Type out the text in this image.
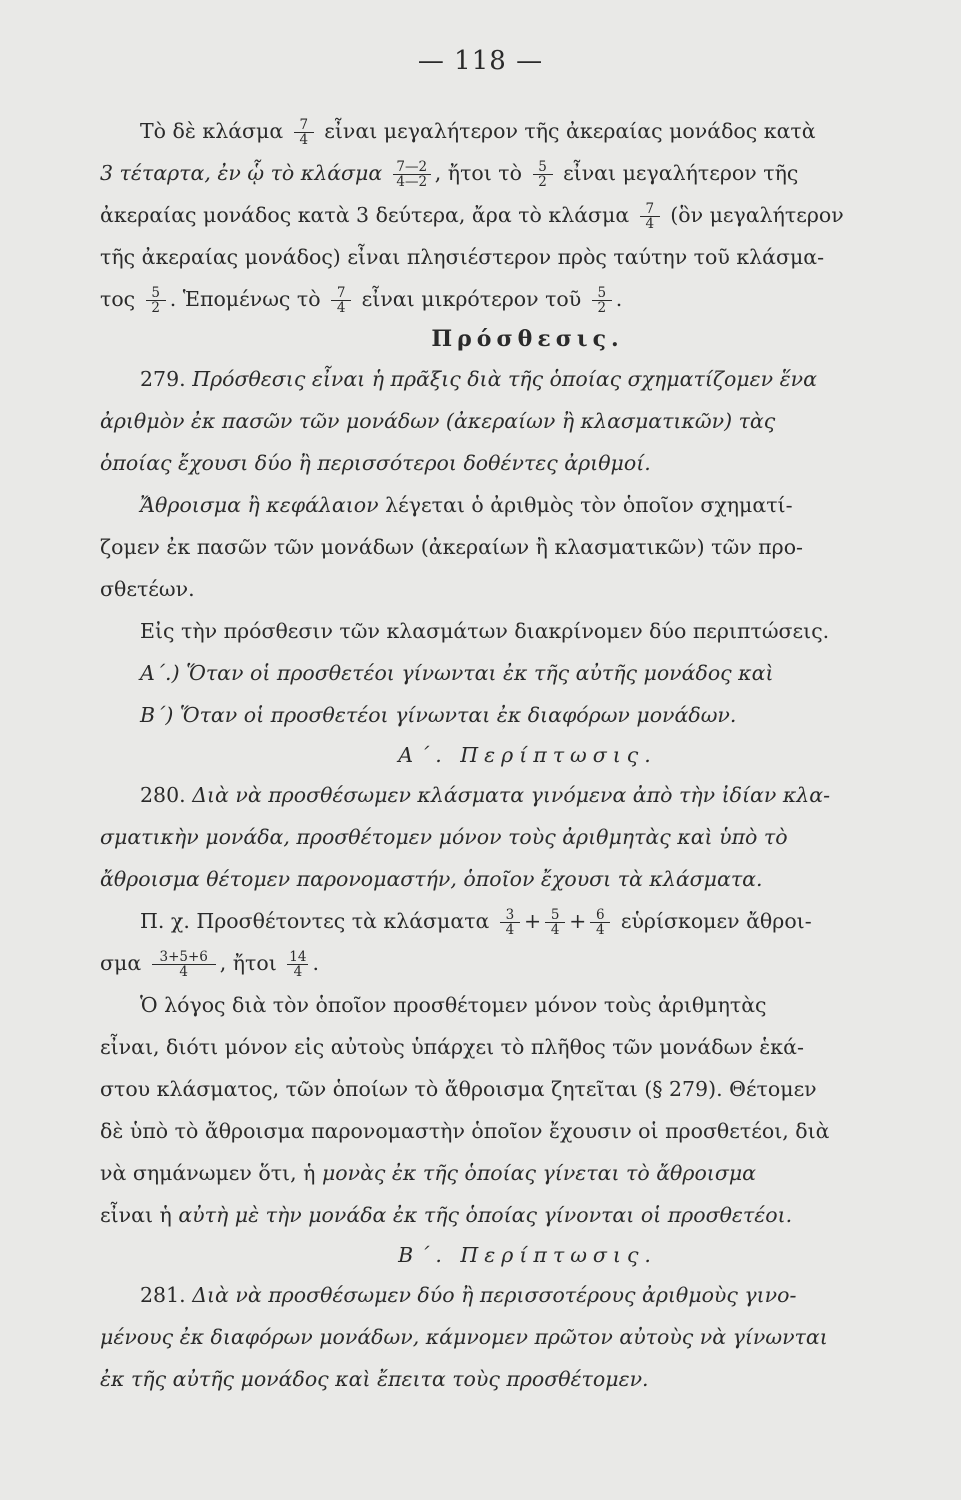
— 118 —
Τὸ δὲ κλάσμα $\frac{7}{4}$ εἶναι μεγαλήτερον τῆς ἀκεραίας μονάδος κατὰ
3 τέταρτα, ἐν ᾧ τὸ κλάσμα $\frac{7—2}{4—2}$ , ἤτοι τὸ $\frac{5}{2}$ εἶναι μεγαλήτερον τῆς
ἀκεραίας μονάδος κατὰ 3 δεύτερα, ἄρα τὸ κλάσμα $\frac{7}{4}$ (ὃν μεγαλήτερον
τῆς ἀκεραίας μονάδος) εἶναι πλησιέστερον πρὸς ταύτην τοῦ κλάσμα-
τος $\frac{5}{2}$ . Ἑπομένως τὸ $\frac{7}{4}$ εἶναι μικρότερον τοῦ $\frac{5}{2}$ .
Πρόσθεσις.
279. Πρόσθεσις εἶναι ἡ πρᾶξις διὰ τῆς ὁποίας σχηματίζομεν ἕνα
ἀριθμὸν ἐκ πασῶν τῶν μονάδων (ἀκεραίων ἢ κλασματικῶν) τὰς
ὁποίας ἔχουσι δύο ἢ περισσότεροι δοθέντες ἀριθμοί.
Ἄθροισμα ἢ κεφάλαιον λέγεται ὁ ἀριθμὸς τὸν ὁποῖον σχηματί-
ζομεν ἐκ πασῶν τῶν μονάδων (ἀκεραίων ἢ κλασματικῶν) τῶν προ-
σθετέων.
Εἰς τὴν πρόσθεσιν τῶν κλασμάτων διακρίνομεν δύο περιπτώσεις.
Α΄.) Ὅταν οἱ προσθετέοι γίνωνται ἐκ τῆς αὐτῆς μονάδος καὶ
Β΄) Ὅταν οἱ προσθετέοι γίνωνται ἐκ διαφόρων μονάδων.
Α΄. Περίπτωσις.
280. Διὰ νὰ προσθέσωμεν κλάσματα γινόμενα ἀπὸ τὴν ἰδίαν κλα-
σματικὴν μονάδα, προσθέτομεν μόνον τοὺς ἀριθμητὰς καὶ ὑπὸ τὸ
ἄθροισμα θέτομεν παρονομαστήν, ὁποῖον ἔχουσι τὰ κλάσματα.
Π. χ. Προσθέτοντες τὰ κλάσματα $\frac{3}{4} + \frac{5}{4} + \frac{6}{4}$ εὑρίσκομεν ἄθροι-
σμα $\frac{3+5+6}{4}$ , ἤτοι $\frac{14}{4}$ .
Ὁ λόγος διὰ τὸν ὁποῖον προσθέτομεν μόνον τοὺς ἀριθμητὰς
εἶναι, διότι μόνον εἰς αὐτοὺς ὑπάρχει τὸ πλῆθος τῶν μονάδων ἑκά-
στου κλάσματος, τῶν ὁποίων τὸ ἄθροισμα ζητεῖται (§ 279). Θέτομεν
δὲ ὑπὸ τὸ ἄθροισμα παρονομαστὴν ὁποῖον ἔχουσιν οἱ προσθετέοι, διὰ
νὰ σημάνωμεν ὅτι, ἡ μονὰς ἐκ τῆς ὁποίας γίνεται τὸ ἄθροισμα
εἶναι ἡ αὐτὴ μὲ τὴν μονάδα ἐκ τῆς ὁποίας γίνονται οἱ προσθετέοι.
Β΄. Περίπτωσις.
281. Διὰ νὰ προσθέσωμεν δύο ἢ περισσοτέρους ἀριθμοὺς γινο-
μένους ἐκ διαφόρων μονάδων, κάμνομεν πρῶτον αὐτοὺς νὰ γίνωνται
ἐκ τῆς αὐτῆς μονάδος καὶ ἔπειτα τοὺς προσθέτομεν.
